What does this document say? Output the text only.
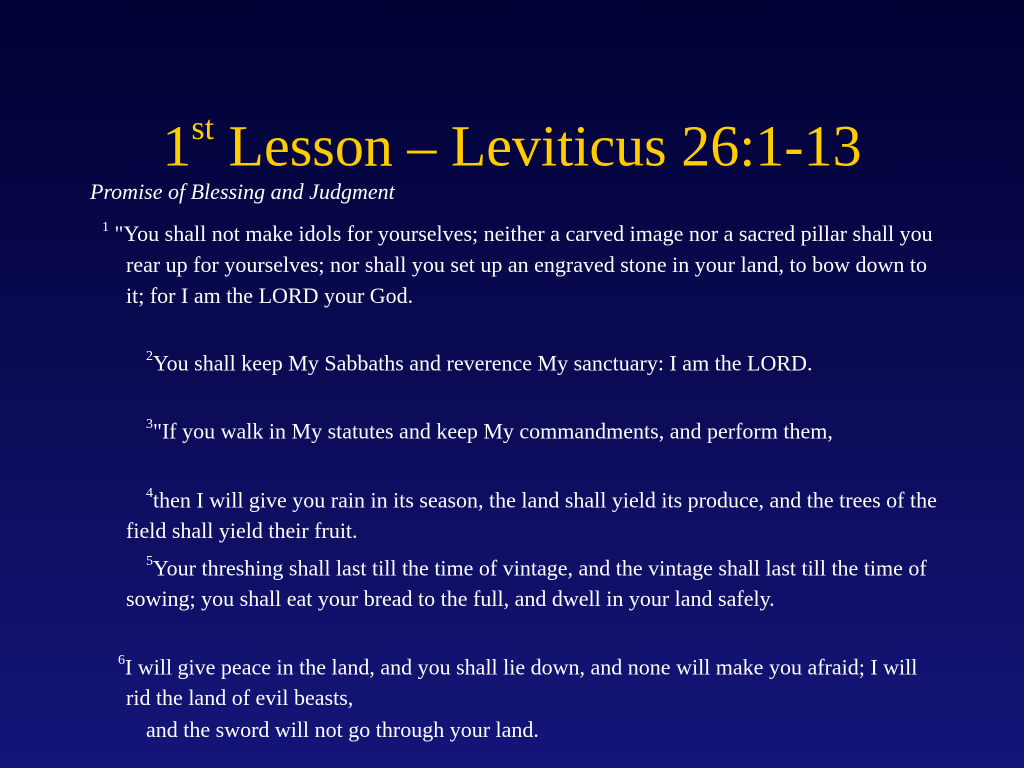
1st Lesson – Leviticus 26:1-13
Promise of Blessing and Judgment
$^1$ "You shall not make idols for yourselves; neither a carved image nor a sacred pillar shall you rear up for yourselves; nor shall you set up an engraved stone in your land, to bow down to it; for I am the LORD your God.
$^2$You shall keep My Sabbaths and reverence My sanctuary: I am the LORD.
$^3$"If you walk in My statutes and keep My commandments, and perform them,
$^4$then I will give you rain in its season, the land shall yield its produce, and the trees of the field shall yield their fruit.
$^5$Your threshing shall last till the time of vintage, and the vintage shall last till the time of sowing; you shall eat your bread to the full, and dwell in your land safely.
$^6$I will give peace in the land, and you shall lie down, and none will make you afraid; I will rid the land of evil beasts,
and the sword will not go through your land.
